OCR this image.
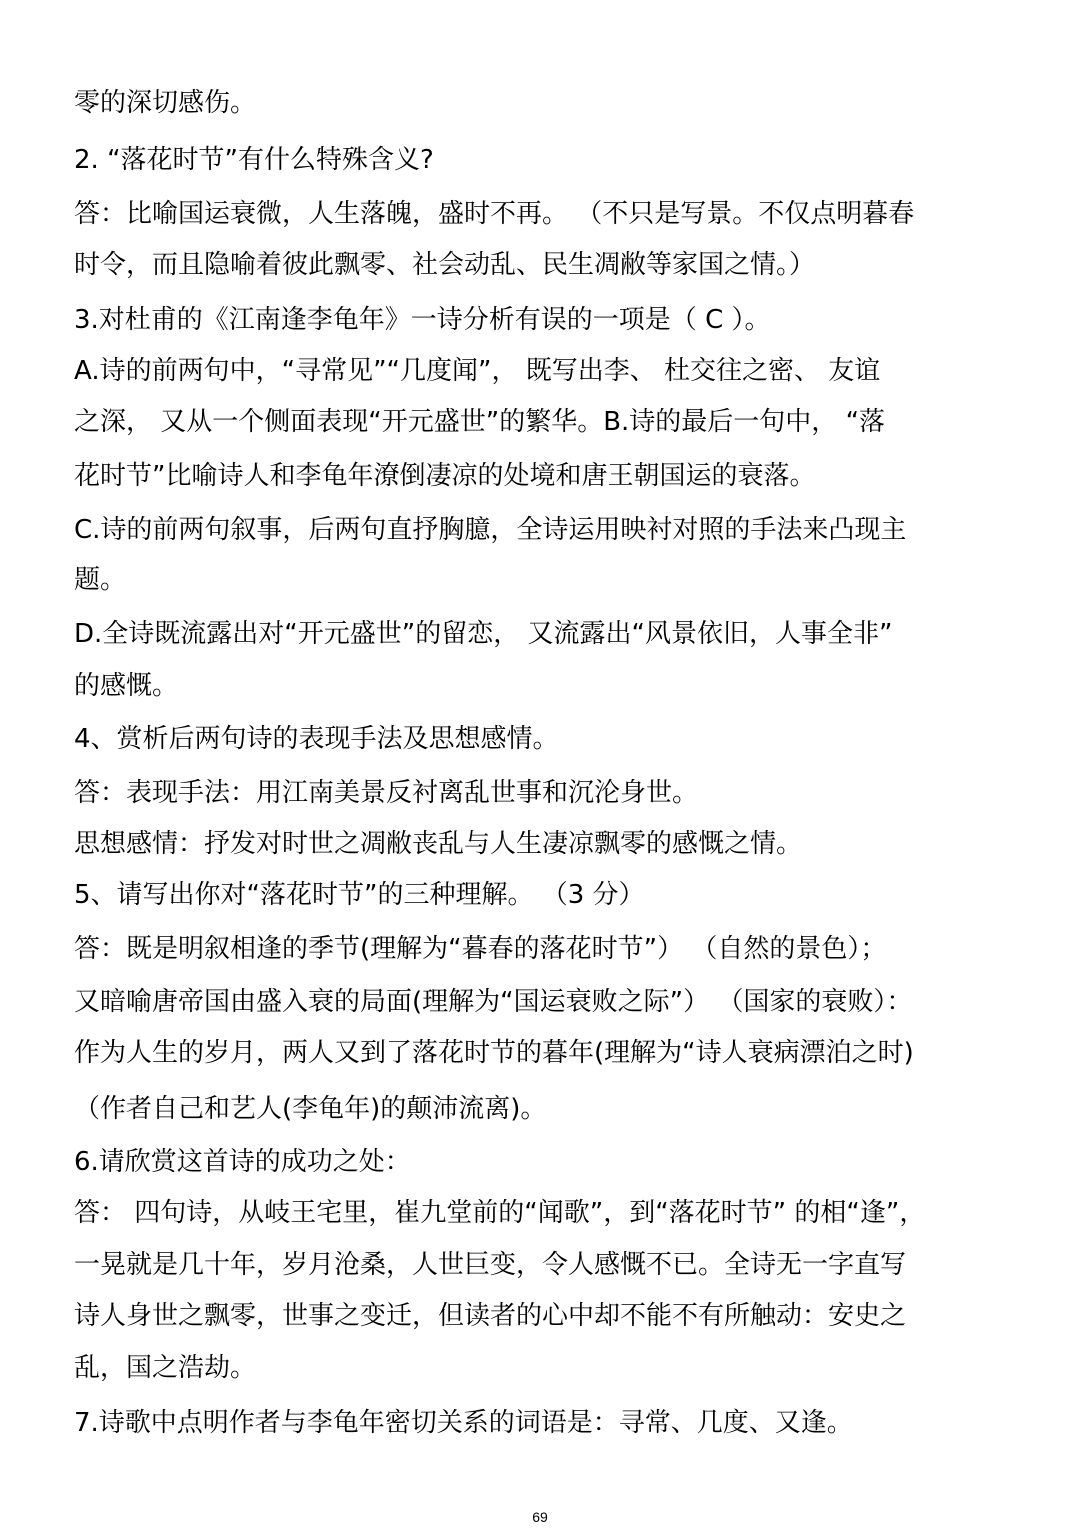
零的深切感伤。
2. “落花时节”有什么特殊含义?
答：比喻国运衰微，人生落魄，盛时不再。 （不只是写景。不仅点明暮春
时令，而且隐喻着彼此飘零、社会动乱、民生凋敝等家国之情。）
3.对杜甫的《江南逢李龟年》一诗分析有误的一项是（ C ）。
A.诗的前两句中，“寻常见”“几度闻”， 既写出李、 杜交往之密、 友谊
之深， 又从一个侧面表现“开元盛世”的繁华。B.诗的最后一句中， “落
花时节”比喻诗人和李龟年潦倒凄凉的处境和唐王朝国运的衰落。
C.诗的前两句叙事，后两句直抒胸臆，全诗运用映衬对照的手法来凸现主
题。
D.全诗既流露出对“开元盛世”的留恋， 又流露出“风景依旧，人事全非”
的感慨。
4、赏析后两句诗的表现手法及思想感情。
答：表现手法：用江南美景反衬离乱世事和沉沦身世。
思想感情：抒发对时世之凋敝丧乱与人生凄凉飘零的感慨之情。
5、请写出你对“落花时节”的三种理解。 （3 分）
答：既是明叙相逢的季节(理解为“暮春的落花时节”） （自然的景色）；
又暗喻唐帝国由盛入衰的局面(理解为“国运衰败之际”） （国家的衰败）：
作为人生的岁月，两人又到了落花时节的暮年(理解为“诗人衰病漂泊之时)
（作者自己和艺人(李龟年)的颠沛流离)。
6.请欣赏这首诗的成功之处：
答： 四句诗，从岐王宅里，崔九堂前的“闻歌”，到“落花时节” 的相“逢”，
一晃就是几十年，岁月沧桑，人世巨变，令人感慨不已。全诗无一字直写
诗人身世之飘零，世事之变迁，但读者的心中却不能不有所触动：安史之
乱，国之浩劫。
7.诗歌中点明作者与李龟年密切关系的词语是：寻常、几度、又逢。
69
